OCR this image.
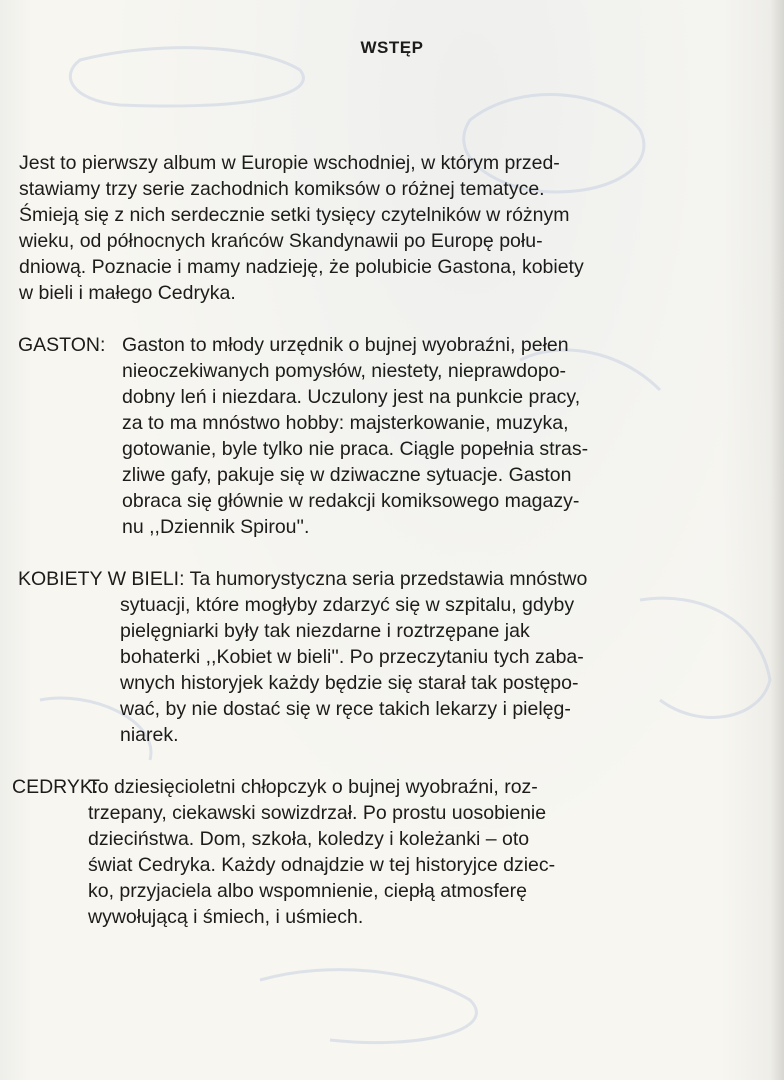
WSTĘP
Jest to pierwszy album w Europie wschodniej, w którym przed-
stawiamy trzy serie zachodnich komiksów o różnej tematyce.
Śmieją się z nich serdecznie setki tysięcy czytelników w różnym
wieku, od północnych krańców Skandynawii po Europę połu-
dniową. Poznacie i mamy nadzieję, że polubicie Gastona, kobiety
w bieli i małego Cedryka.
GASTON: Gaston to młody urzędnik o bujnej wyobraźni, pełen
nieoczekiwanych pomysłów, niestety, nieprawdopo-
dobny leń i niezdara. Uczulony jest na punkcie pracy,
za to ma mnóstwo hobby: majsterkowanie, muzyka,
gotowanie, byle tylko nie praca. Ciągle popełnia stras-
zliwe gafy, pakuje się w dziwaczne sytuacje. Gaston
obraca się głównie w redakcji komiksowego magazy-
nu ,,Dziennik Spirou''.
KOBIETY W BIELI: Ta humorystyczna seria przedstawia mnóstwo
sytuacji, które mogłyby zdarzyć się w szpitalu, gdyby
pielęgniarki były tak niezdarne i roztrzępane jak
bohaterki ,,Kobiet w bieli''. Po przeczytaniu tych zaba-
wnych historyjek każdy będzie się starał tak postępo-
wać, by nie dostać się w ręce takich lekarzy i pielęg-
niarek.
CEDRYK:
To dziesięcioletni chłopczyk o bujnej wyobraźni, roz-
trzepany, ciekawski sowizdrzał. Po prostu uosobienie
dzieciństwa. Dom, szkoła, koledzy i koleżanki – oto
świat Cedryka. Każdy odnajdzie w tej historyjce dziec-
ko, przyjaciela albo wspomnienie, ciepłą atmosferę
wywołującą i śmiech, i uśmiech.
